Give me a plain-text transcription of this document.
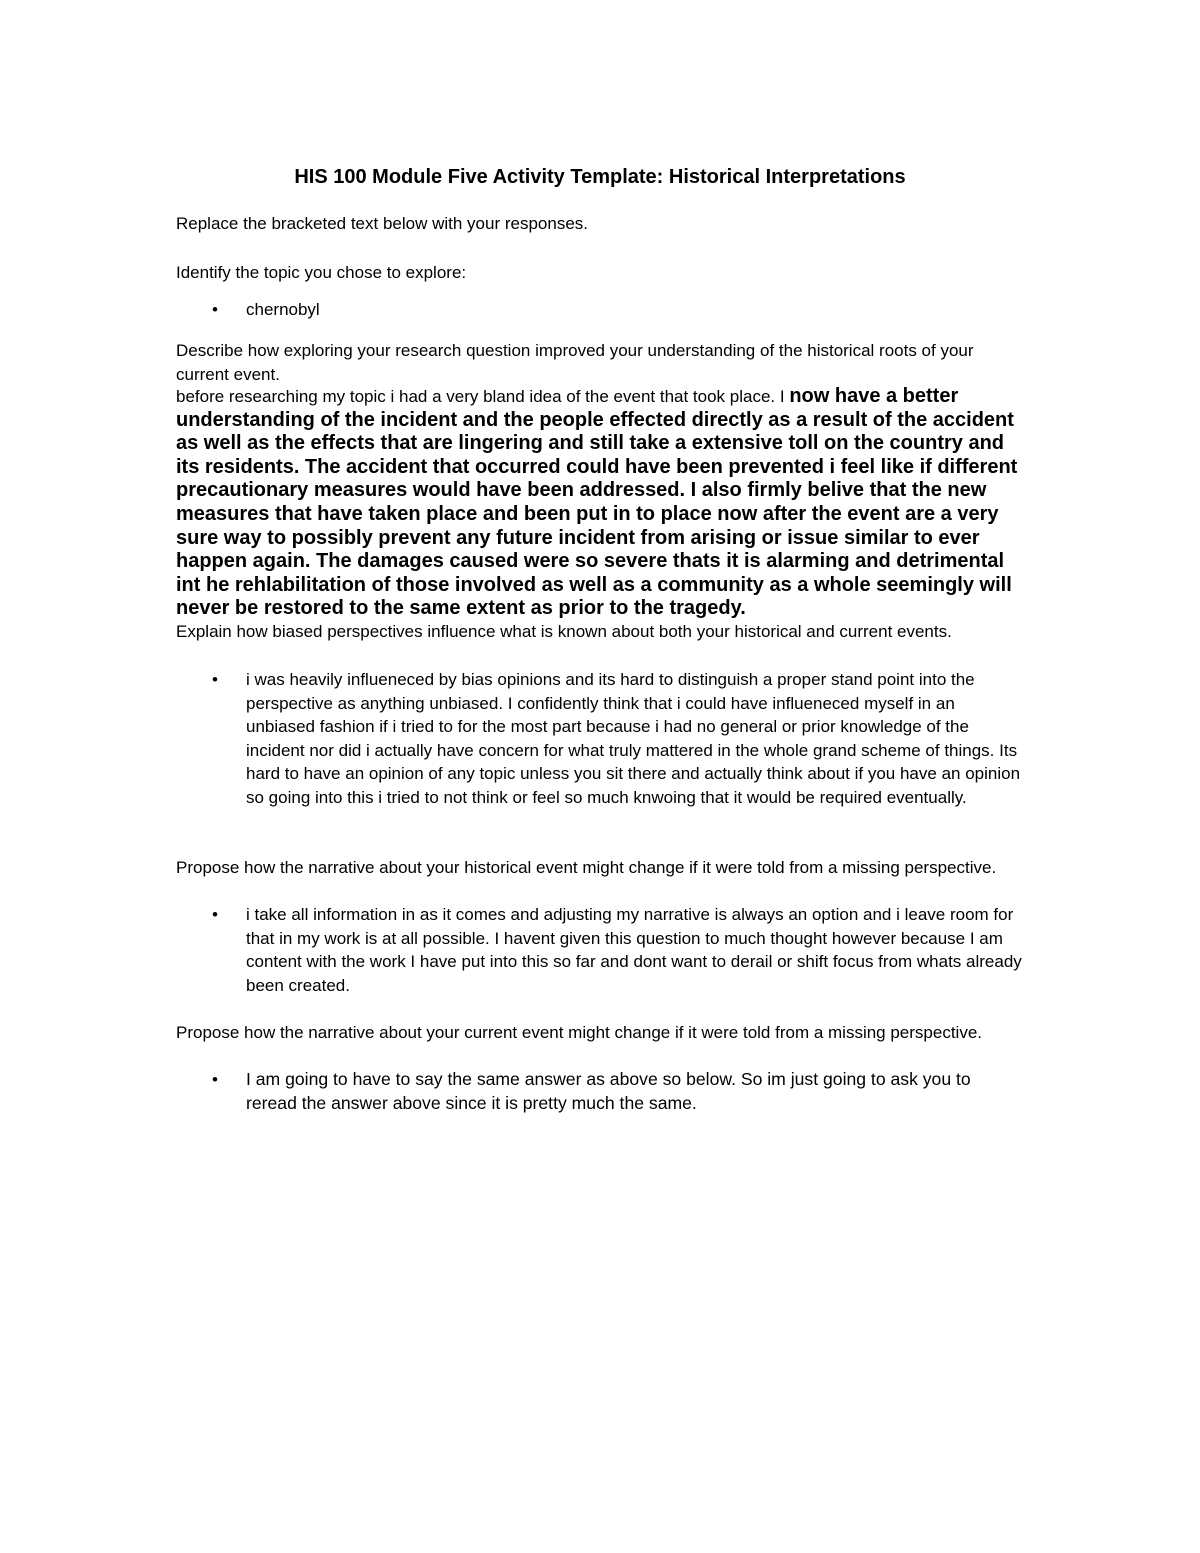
HIS 100 Module Five Activity Template: Historical Interpretations
Replace the bracketed text below with your responses.
Identify the topic you chose to explore:
• chernobyl
Describe how exploring your research question improved your understanding of the historical roots of your current event.
before researching my topic i had a very bland idea of the event that took place. I now have a better understanding of the incident and the people effected directly as a result of the accident as well as the effects that are lingering and still take a extensive toll on the country and its residents. The accident that occurred could have been prevented i feel like if different precautionary measures would have been addressed. I also firmly belive that the new measures that have taken place and been put in to place now after the event are a very sure way to possibly prevent any future incident from arising or issue similar to ever happen again. The damages caused were so severe thats it is alarming and detrimental int he rehlabilitation of those involved as well as a community as a whole seemingly will never be restored to the same extent as prior to the tragedy.
Explain how biased perspectives influence what is known about both your historical and current events.
• i was heavily influeneced by bias opinions and its hard to distinguish a proper stand point into the perspective as anything unbiased. I confidently think that i could have influeneced myself in an unbiased fashion if i tried to for the most part because i had no general or prior knowledge of the incident nor did i actually have concern for what truly mattered in the whole grand scheme of things. Its hard to have an opinion of any topic unless you sit there and actually think about if you have an opinion so going into this i tried to not think or feel so much knwoing that it would be required eventually.
Propose how the narrative about your historical event might change if it were told from a missing perspective.
• i take all information in as it comes and adjusting my narrative is always an option and i leave room for that in my work is at all possible. I havent given this question to much thought however because I am content with the work I have put into this so far and dont want to derail or shift focus from whats already been created.
Propose how the narrative about your current event might change if it were told from a missing perspective.
• I am going to have to say the same answer as above so below. So im just going to ask you to reread the answer above since it is pretty much the same.
